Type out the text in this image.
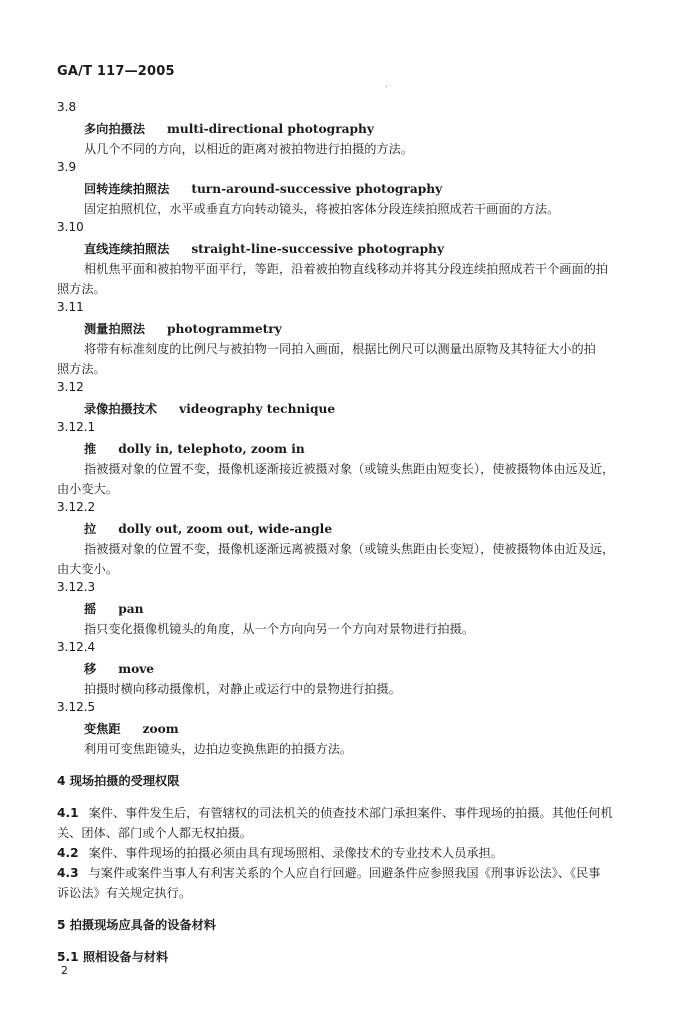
GA/T 117—2005
3.8
多向拍摄法 multi-directional photography
从几个不同的方向，以相近的距离对被拍物进行拍摄的方法。
3.9
回转连续拍照法 turn-around-successive photography
固定拍照机位，水平或垂直方向转动镜头，将被拍客体分段连续拍照成若干画面的方法。
3.10
直线连续拍照法 straight-line-successive photography
相机焦平面和被拍物平面平行，等距，沿着被拍物直线移动并将其分段连续拍照成若干个画面的拍
照方法。
3.11
测量拍照法 photogrammetry
将带有标准刻度的比例尺与被拍物一同拍入画面，根据比例尺可以测量出原物及其特征大小的拍
照方法。
3.12
录像拍摄技术 videography technique
3.12.1
推 dolly in, telephoto, zoom in
指被摄对象的位置不变，摄像机逐渐接近被摄对象（或镜头焦距由短变长），使被摄物体由远及近，
由小变大。
3.12.2
拉 dolly out, zoom out, wide-angle
指被摄对象的位置不变，摄像机逐渐远离被摄对象（或镜头焦距由长变短），使被摄物体由近及远，
由大变小。
3.12.3
摇 pan
指只变化摄像机镜头的角度，从一个方向向另一个方向对景物进行拍摄。
3.12.4
移 move
拍摄时横向移动摄像机，对静止或运行中的景物进行拍摄。
3.12.5
变焦距 zoom
利用可变焦距镜头，边拍边变换焦距的拍摄方法。
4 现场拍摄的受理权限
4.1 案件、事件发生后，有管辖权的司法机关的侦查技术部门承担案件、事件现场的拍摄。其他任何机
关、团体、部门或个人都无权拍摄。
4.2 案件、事件现场的拍摄必须由具有现场照相、录像技术的专业技术人员承担。
4.3 与案件或案件当事人有利害关系的个人应自行回避。回避条件应参照我国《刑事诉讼法》、《民事
诉讼法》有关规定执行。
5 拍摄现场应具备的设备材料
5.1 照相设备与材料
2
